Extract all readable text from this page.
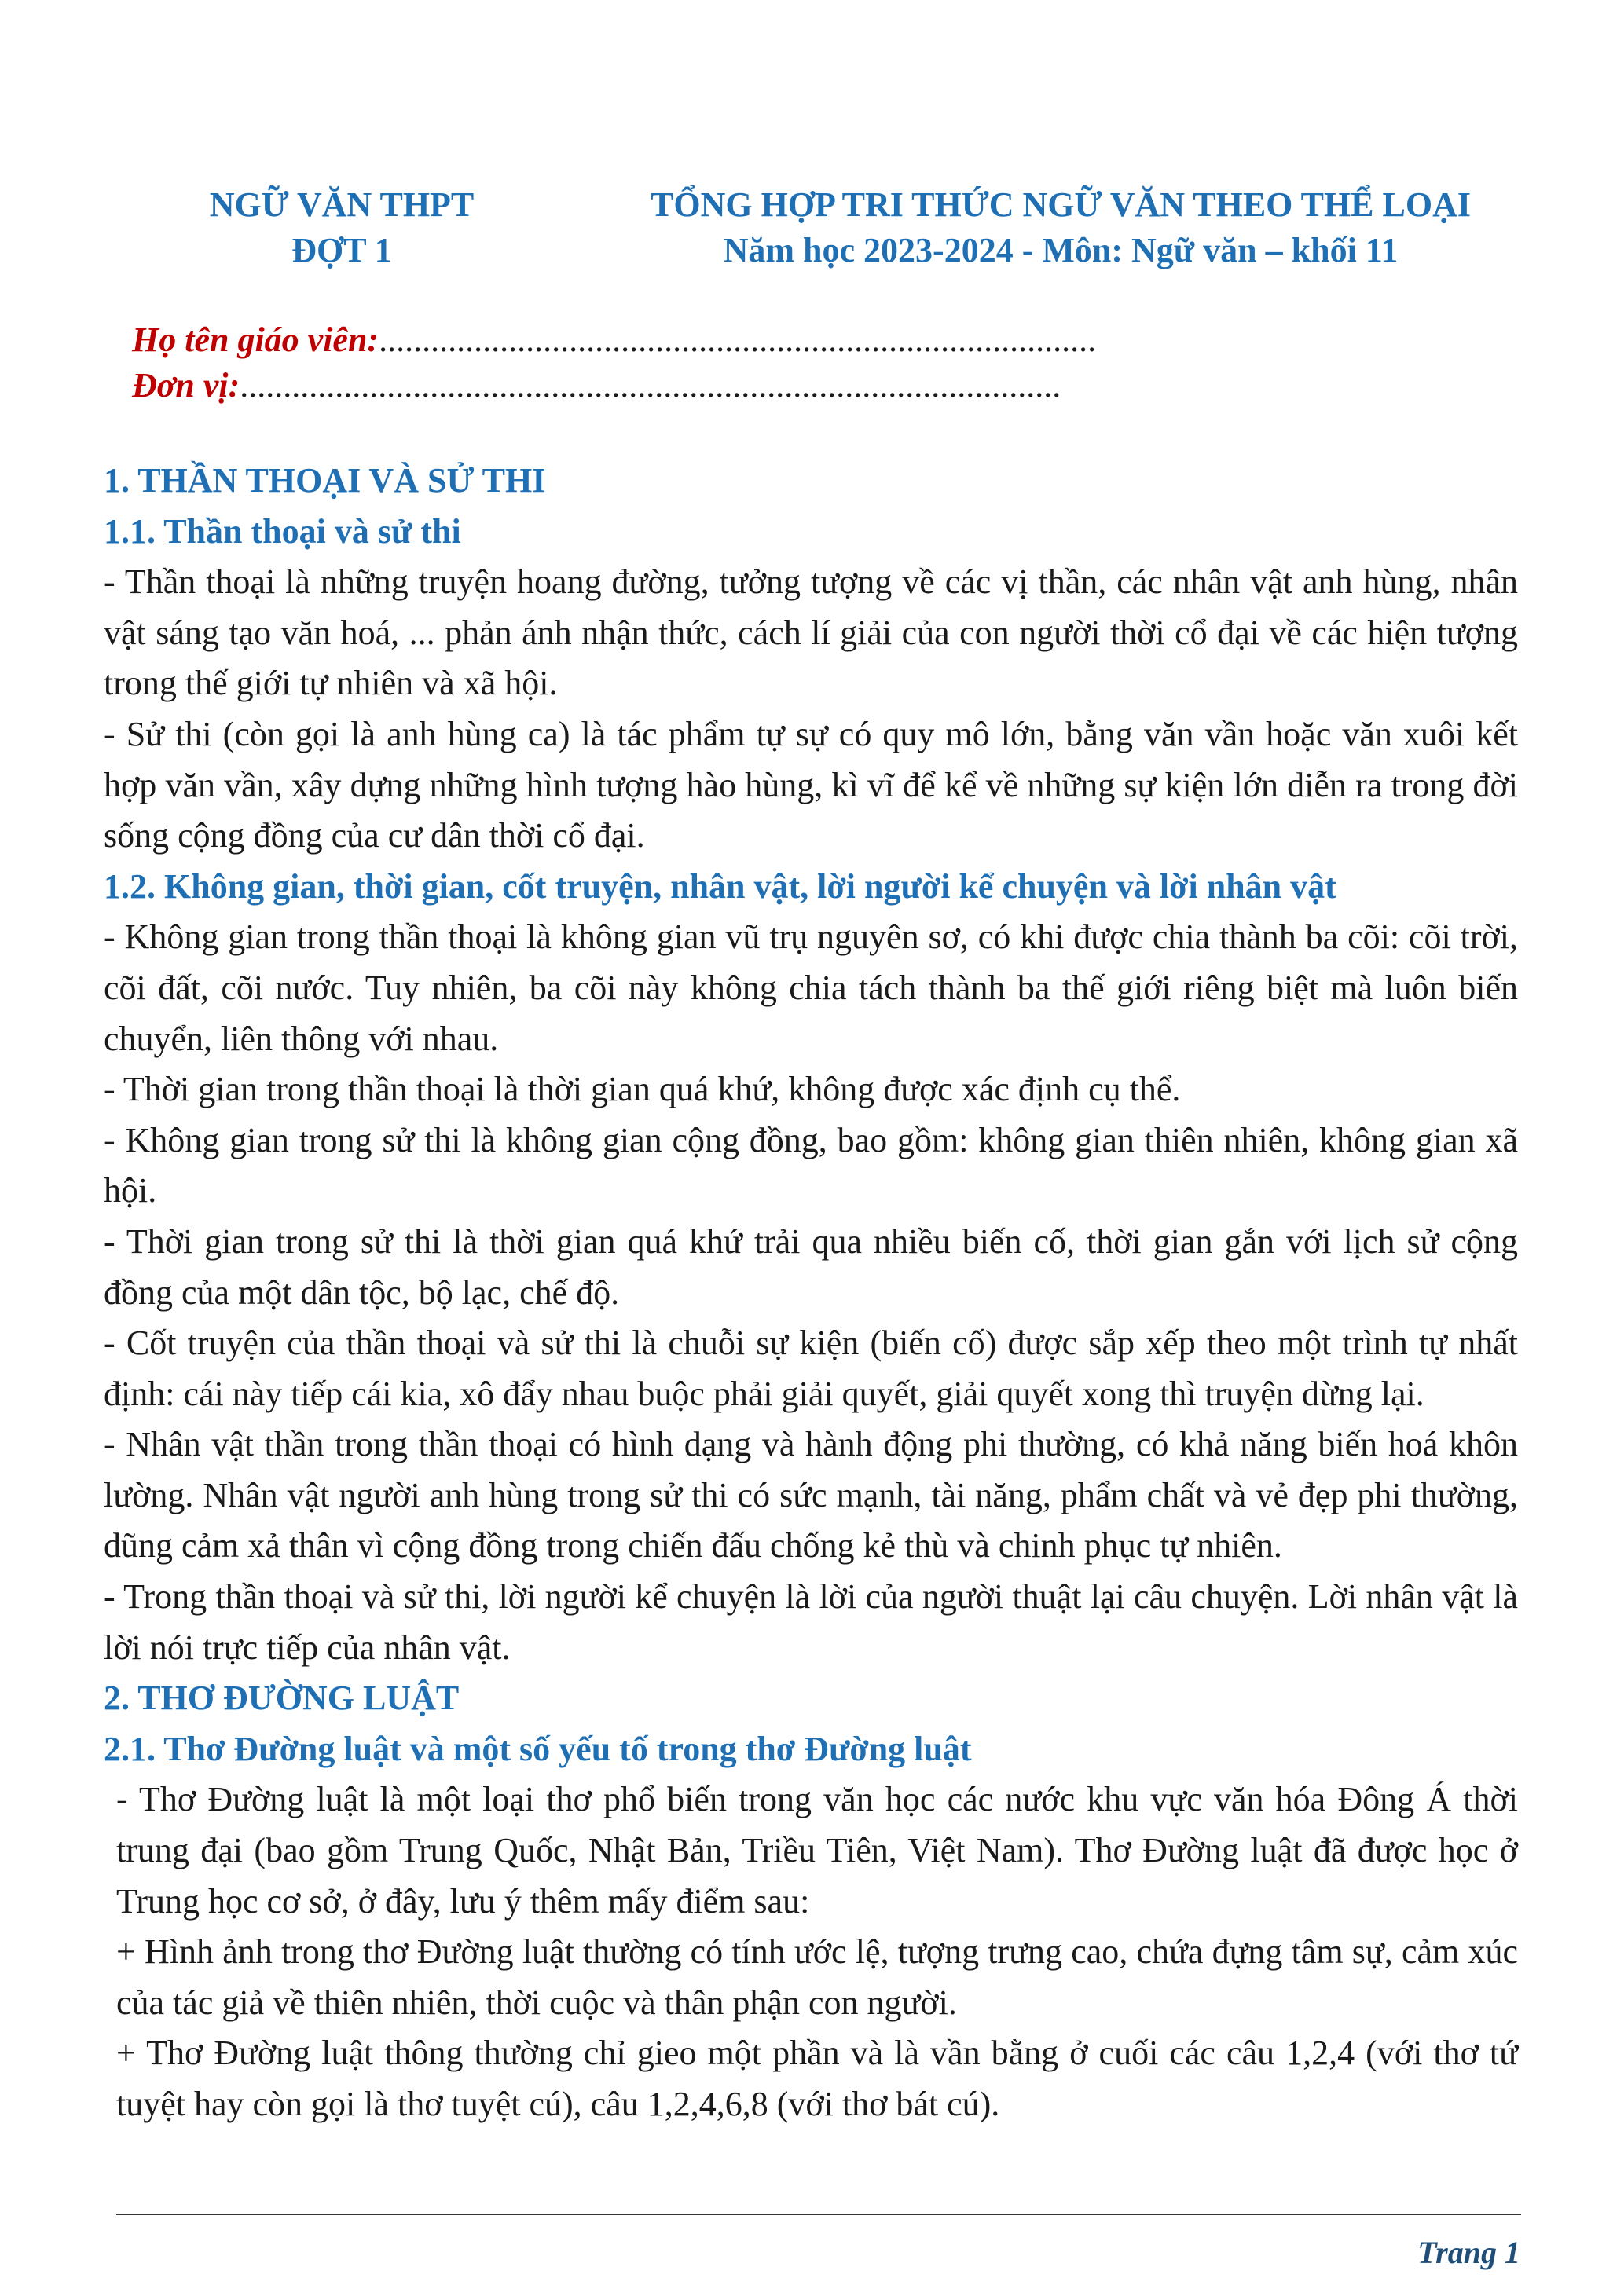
NGỮ VĂN THPT
ĐỢT 1
TỔNG HỢP TRI THỨC NGỮ VĂN THEO THỂ LOẠI
Năm học 2023-2024 - Môn: Ngữ văn – khối 11
Họ tên giáo viên:...................................................................................
Đơn vị:...............................................................................................
1. THẦN THOẠI VÀ SỬ THI
1.1. Thần thoại và sử thi
- Thần thoại là những truyện hoang đường, tưởng tượng về các vị thần, các nhân vật anh hùng, nhân vật sáng tạo văn hoá, ... phản ánh nhận thức, cách lí giải của con người thời cổ đại về các hiện tượng trong thế giới tự nhiên và xã hội.
- Sử thi (còn gọi là anh hùng ca) là tác phẩm tự sự có quy mô lớn, bằng văn vần hoặc văn xuôi kết hợp văn vần, xây dựng những hình tượng hào hùng, kì vĩ để kể về những sự kiện lớn diễn ra trong đời sống cộng đồng của cư dân thời cổ đại.
1.2. Không gian, thời gian, cốt truyện, nhân vật, lời người kể chuyện và lời nhân vật
- Không gian trong thần thoại là không gian vũ trụ nguyên sơ, có khi được chia thành ba cõi: cõi trời, cõi đất, cõi nước. Tuy nhiên, ba cõi này không chia tách thành ba thế giới riêng biệt mà luôn biến chuyển, liên thông với nhau.
- Thời gian trong thần thoại là thời gian quá khứ, không được xác định cụ thể.
- Không gian trong sử thi là không gian cộng đồng, bao gồm: không gian thiên nhiên, không gian xã hội.
- Thời gian trong sử thi là thời gian quá khứ trải qua nhiều biến cố, thời gian gắn với lịch sử cộng đồng của một dân tộc, bộ lạc, chế độ.
- Cốt truyện của thần thoại và sử thi là chuỗi sự kiện (biến cố) được sắp xếp theo một trình tự nhất định: cái này tiếp cái kia, xô đẩy nhau buộc phải giải quyết, giải quyết xong thì truyện dừng lại.
- Nhân vật thần trong thần thoại có hình dạng và hành động phi thường, có khả năng biến hoá khôn lường. Nhân vật người anh hùng trong sử thi có sức mạnh, tài năng, phẩm chất và vẻ đẹp phi thường, dũng cảm xả thân vì cộng đồng trong chiến đấu chống kẻ thù và chinh phục tự nhiên.
- Trong thần thoại và sử thi, lời người kể chuyện là lời của người thuật lại câu chuyện. Lời nhân vật là lời nói trực tiếp của nhân vật.
2. THƠ ĐƯỜNG LUẬT
2.1. Thơ Đường luật và một số yếu tố trong thơ Đường luật
- Thơ Đường luật là một loại thơ phổ biến trong văn học các nước khu vực văn hóa Đông Á thời trung đại (bao gồm Trung Quốc, Nhật Bản, Triều Tiên, Việt Nam). Thơ Đường luật đã được học ở Trung học cơ sở, ở đây, lưu ý thêm mấy điểm sau:
+ Hình ảnh trong thơ Đường luật thường có tính ước lệ, tượng trưng cao, chứa đựng tâm sự, cảm xúc của tác giả về thiên nhiên, thời cuộc và thân phận con người.
+ Thơ Đường luật thông thường chỉ gieo một phần và là vần bằng ở cuối các câu 1,2,4 (với thơ tứ tuyệt hay còn gọi là thơ tuyệt cú), câu 1,2,4,6,8 (với thơ bát cú).
Trang 1
